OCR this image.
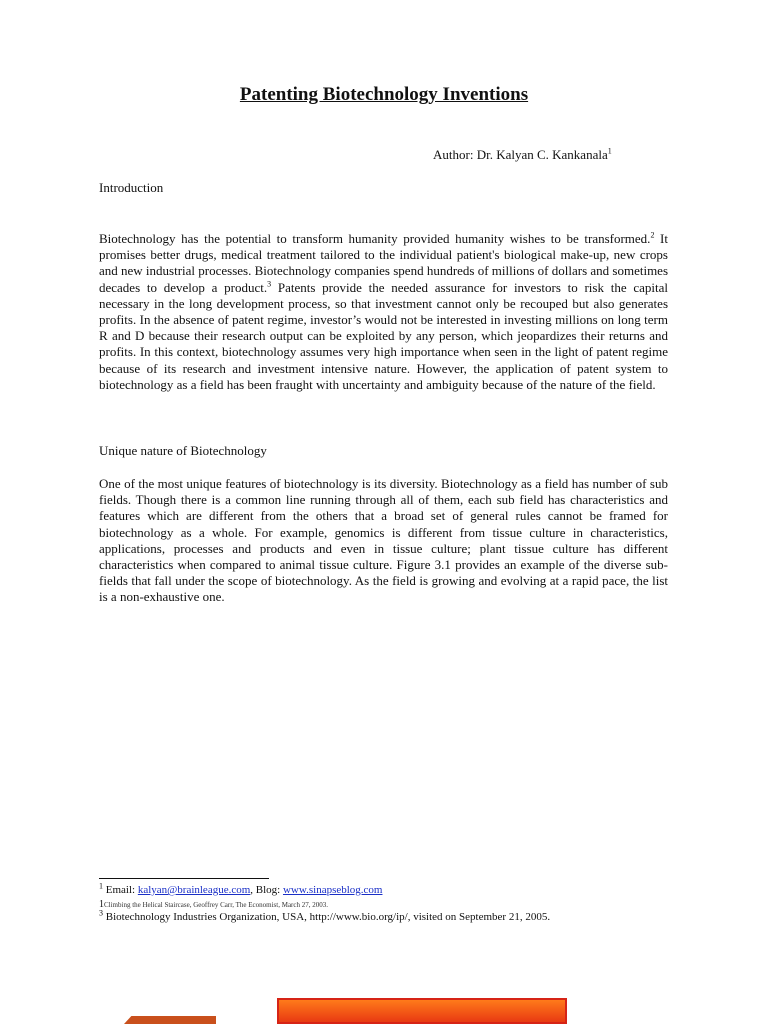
Patenting Biotechnology Inventions

Author: Dr. Kalyan C. Kankanala$^1$

Introduction

Biotechnology has the potential to transform humanity provided humanity wishes to be transformed.$^2$ It promises better drugs, medical treatment tailored to the individual patient's biological make-up, new crops and new industrial processes. Biotechnology companies spend hundreds of millions of dollars and sometimes decades to develop a product.$^3$ Patents provide the needed assurance for investors to risk the capital necessary in the long development process, so that investment cannot only be recouped but also generates profits. In the absence of patent regime, investor’s would not be interested in investing millions on long term R and D because their research output can be exploited by any person, which jeopardizes their returns and profits. In this context, biotechnology assumes very high importance when seen in the light of patent regime because of its research and investment intensive nature. However, the application of patent system to biotechnology as a field has been fraught with uncertainty and ambiguity because of the nature of the field.

Unique nature of Biotechnology

One of the most unique features of biotechnology is its diversity. Biotechnology as a field has number of sub fields. Though there is a common line running through all of them, each sub field has characteristics and features which are different from the others that a broad set of general rules cannot be framed for biotechnology as a whole. For example, genomics is different from tissue culture in characteristics, applications, processes and products and even in tissue culture; plant tissue culture has different characteristics when compared to animal tissue culture. Figure 3.1 provides an example of the diverse sub-fields that fall under the scope of biotechnology. As the field is growing and evolving at a rapid pace, the list is a non-exhaustive one.

$^1$ Email: kalyan@brainleague.com, Blog: www.sinapseblog.com

1Climbing the Helical Staircase, Geoffrey Carr, The Economist, March 27, 2003.

$^3$ Biotechnology Industries Organization, USA, http://www.bio.org/ip/, visited on September 21, 2005.
